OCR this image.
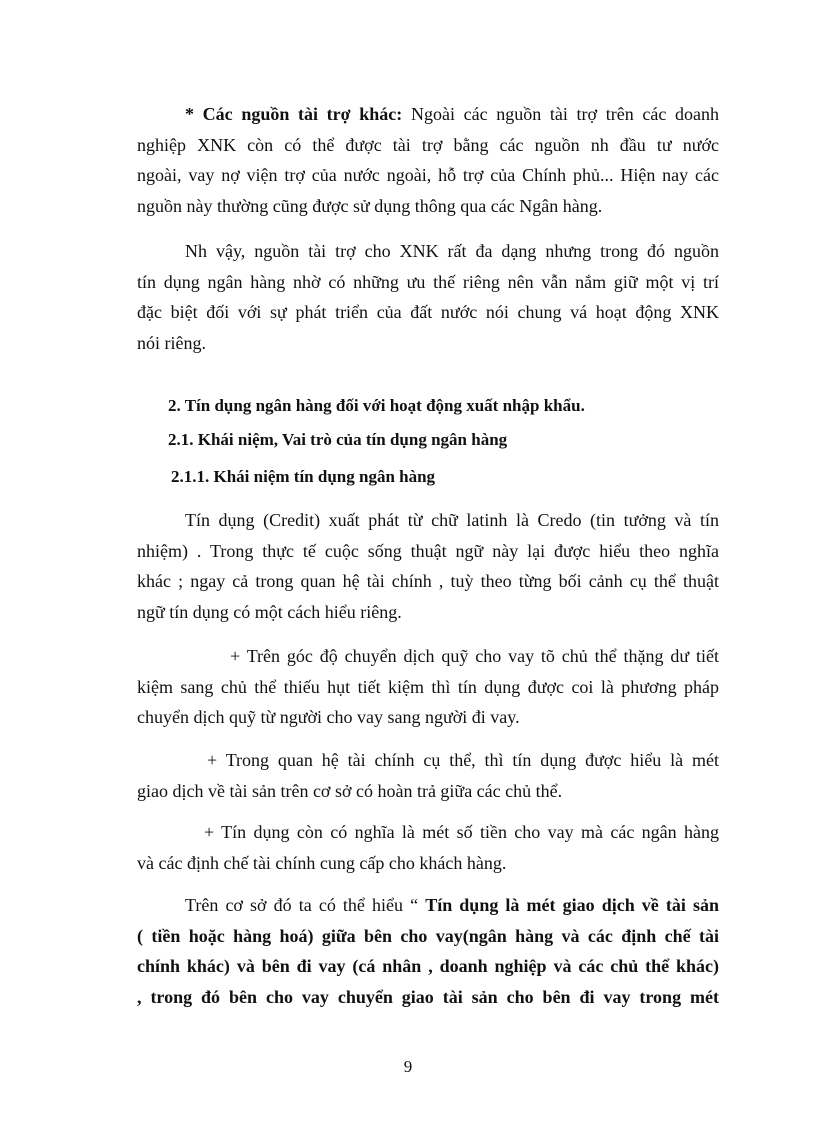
* Các nguồn tài trợ khác: Ngoài các nguồn tài trợ trên các doanh
nghiệp XNK còn có thể được tài trợ bằng các nguồn nh đầu tư nước
ngoài, vay nợ viện trợ của nước ngoài, hỗ trợ của Chính phủ... Hiện nay các
nguồn này thường cũng được sử dụng thông qua các Ngân hàng.
Nh vậy, nguồn tài trợ cho XNK rất đa dạng nhưng trong đó nguồn
tín dụng ngân hàng nhờ có những ưu thế riêng nên vẫn nắm giữ một vị trí
đặc biệt đối với sự phát triển của đất nước nói chung vá hoạt động XNK
nói riêng.

2. Tín dụng ngân hàng đối với hoạt động xuất nhập khẩu.

2.1. Khái niệm, Vai trò của tín dụng ngân hàng

2.1.1. Khái niệm tín dụng ngân hàng

Tín dụng (Credit) xuất phát từ chữ latinh là Credo (tin tưởng và tín
nhiệm) . Trong thực tế cuộc sống thuật ngữ này lại được hiểu theo nghĩa
khác ; ngay cả trong quan hệ tài chính , tuỳ theo từng bối cảnh cụ thể thuật
ngữ tín dụng có một cách hiểu riêng.
+ Trên góc độ chuyển dịch quỹ cho vay tõ chủ thể thặng dư tiết
kiệm sang chủ thể thiếu hụt tiết kiệm thì tín dụng được coi là phương pháp
chuyển dịch quỹ từ người cho vay sang người đi vay.
+ Trong quan hệ tài chính cụ thể, thì tín dụng được hiểu là mét
giao dịch về tài sản trên cơ sở có hoàn trả giữa các chủ thể.
+ Tín dụng còn có nghĩa là mét số tiền cho vay mà các ngân hàng
và các định chế tài chính cung cấp cho khách hàng.
Trên cơ sở đó ta có thể hiểu “ Tín dụng là mét giao dịch về tài sản
( tiền hoặc hàng hoá) giữa bên cho vay(ngân hàng và các định chế tài
chính khác) và bên đi vay (cá nhân , doanh nghiệp và các chủ thể khác)
, trong đó bên cho vay chuyển giao tài sản cho bên đi vay trong mét
9
